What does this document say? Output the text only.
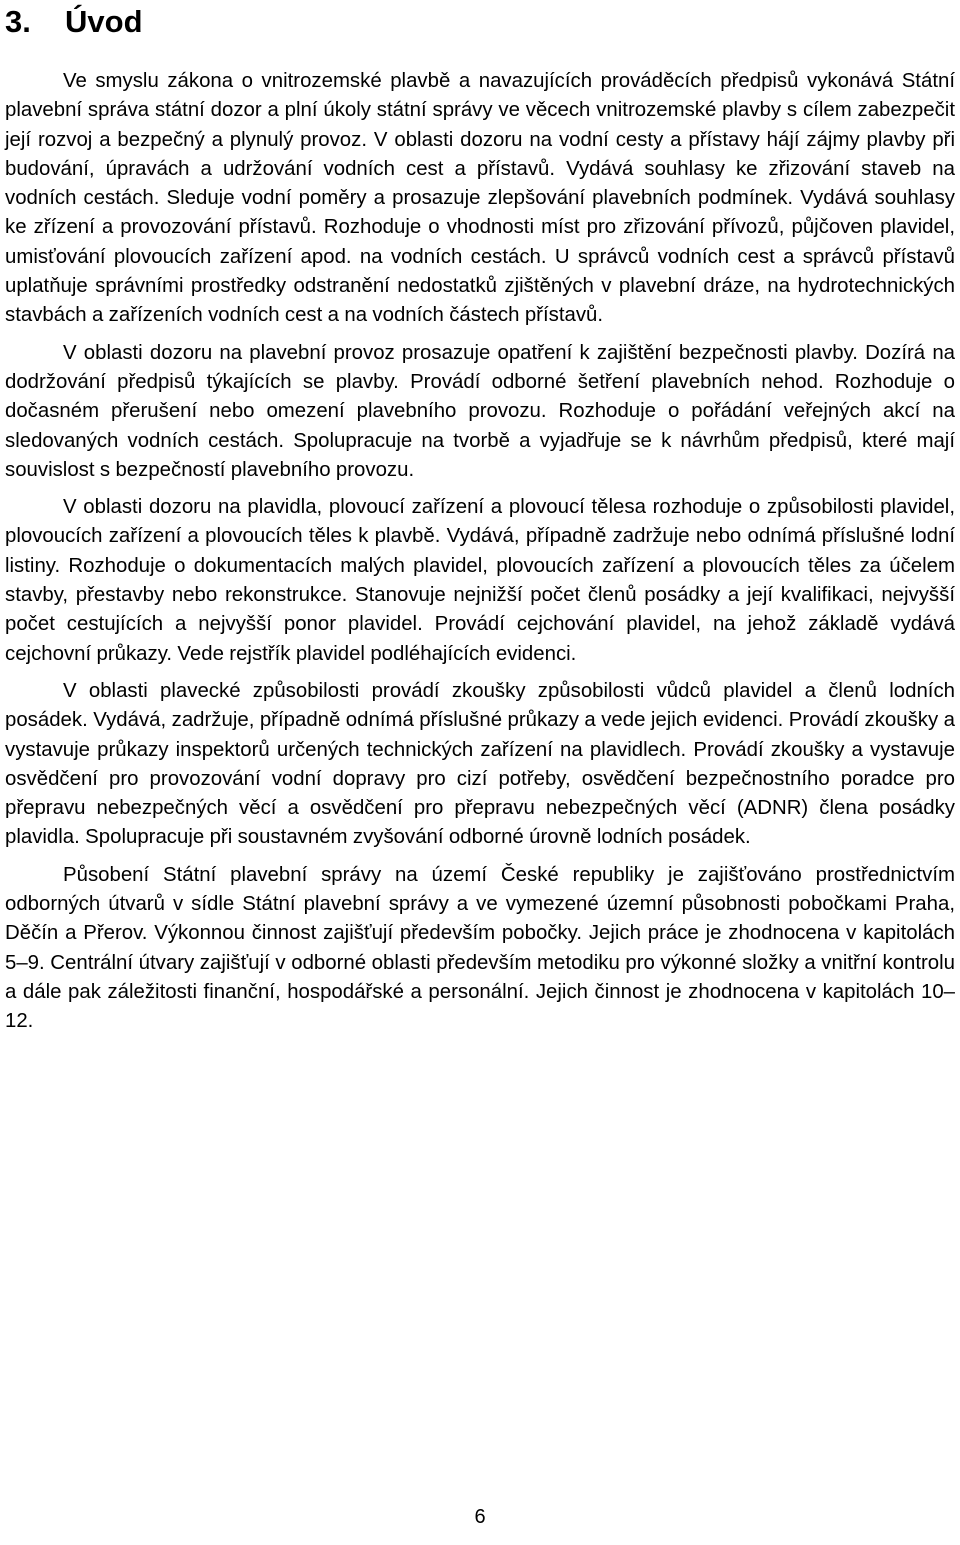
3. Úvod

Ve smyslu zákona o vnitrozemské plavbě a navazujících prováděcích předpisů vykonává Státní plavební správa státní dozor a plní úkoly státní správy ve věcech vnitrozemské plavby s cílem zabezpečit její rozvoj a bezpečný a plynulý provoz. V oblasti dozoru na vodní cesty a přístavy hájí zájmy plavby při budování, úpravách a udržování vodních cest a přístavů. Vydává souhlasy ke zřizování staveb na vodních cestách. Sleduje vodní poměry a prosazuje zlepšování plavebních podmínek. Vydává souhlasy ke zřízení a provozování přístavů. Rozhoduje o vhodnosti míst pro zřizování přívozů, půjčoven plavidel, umisťování plovoucích zařízení apod. na vodních cestách. U správců vodních cest a správců přístavů uplatňuje správními prostředky odstranění nedostatků zjištěných v plavební dráze, na hydrotechnických stavbách a zařízeních vodních cest a na vodních částech přístavů.

V oblasti dozoru na plavební provoz prosazuje opatření k zajištění bezpečnosti plavby. Dozírá na dodržování předpisů týkajících se plavby. Provádí odborné šetření plavebních nehod. Rozhoduje o dočasném přerušení nebo omezení plavebního provozu. Rozhoduje o pořádání veřejných akcí na sledovaných vodních cestách. Spolupracuje na tvorbě a vyjadřuje se k návrhům předpisů, které mají souvislost s bezpečností plavebního provozu.

V oblasti dozoru na plavidla, plovoucí zařízení a plovoucí tělesa rozhoduje o způsobilosti plavidel, plovoucích zařízení a plovoucích těles k plavbě. Vydává, případně zadržuje nebo odnímá příslušné lodní listiny. Rozhoduje o dokumentacích malých plavidel, plovoucích zařízení a plovoucích těles za účelem stavby, přestavby nebo rekonstrukce. Stanovuje nejnižší počet členů posádky a její kvalifikaci, nejvyšší počet cestujících a nejvyšší ponor plavidel. Provádí cejchování plavidel, na jehož základě vydává cejchovní průkazy. Vede rejstřík plavidel podléhajících evidenci.

V oblasti plavecké způsobilosti provádí zkoušky způsobilosti vůdců plavidel a členů lodních posádek. Vydává, zadržuje, případně odnímá příslušné průkazy a vede jejich evidenci. Provádí zkoušky a vystavuje průkazy inspektorů určených technických zařízení na plavidlech. Provádí zkoušky a vystavuje osvědčení pro provozování vodní dopravy pro cizí potřeby, osvědčení bezpečnostního poradce pro přepravu nebezpečných věcí a osvědčení pro přepravu nebezpečných věcí (ADNR) člena posádky plavidla. Spolupracuje při soustavném zvyšování odborné úrovně lodních posádek.

Působení Státní plavební správy na území České republiky je zajišťováno prostřednictvím odborných útvarů v sídle Státní plavební správy a ve vymezené územní působnosti pobočkami Praha, Děčín a Přerov. Výkonnou činnost zajišťují především pobočky. Jejich práce je zhodnocena v kapitolách 5–9. Centrální útvary zajišťují v odborné oblasti především metodiku pro výkonné složky a vnitřní kontrolu a dále pak záležitosti finanční, hospodářské a personální. Jejich činnost je zhodnocena v kapitolách 10–12.

6
